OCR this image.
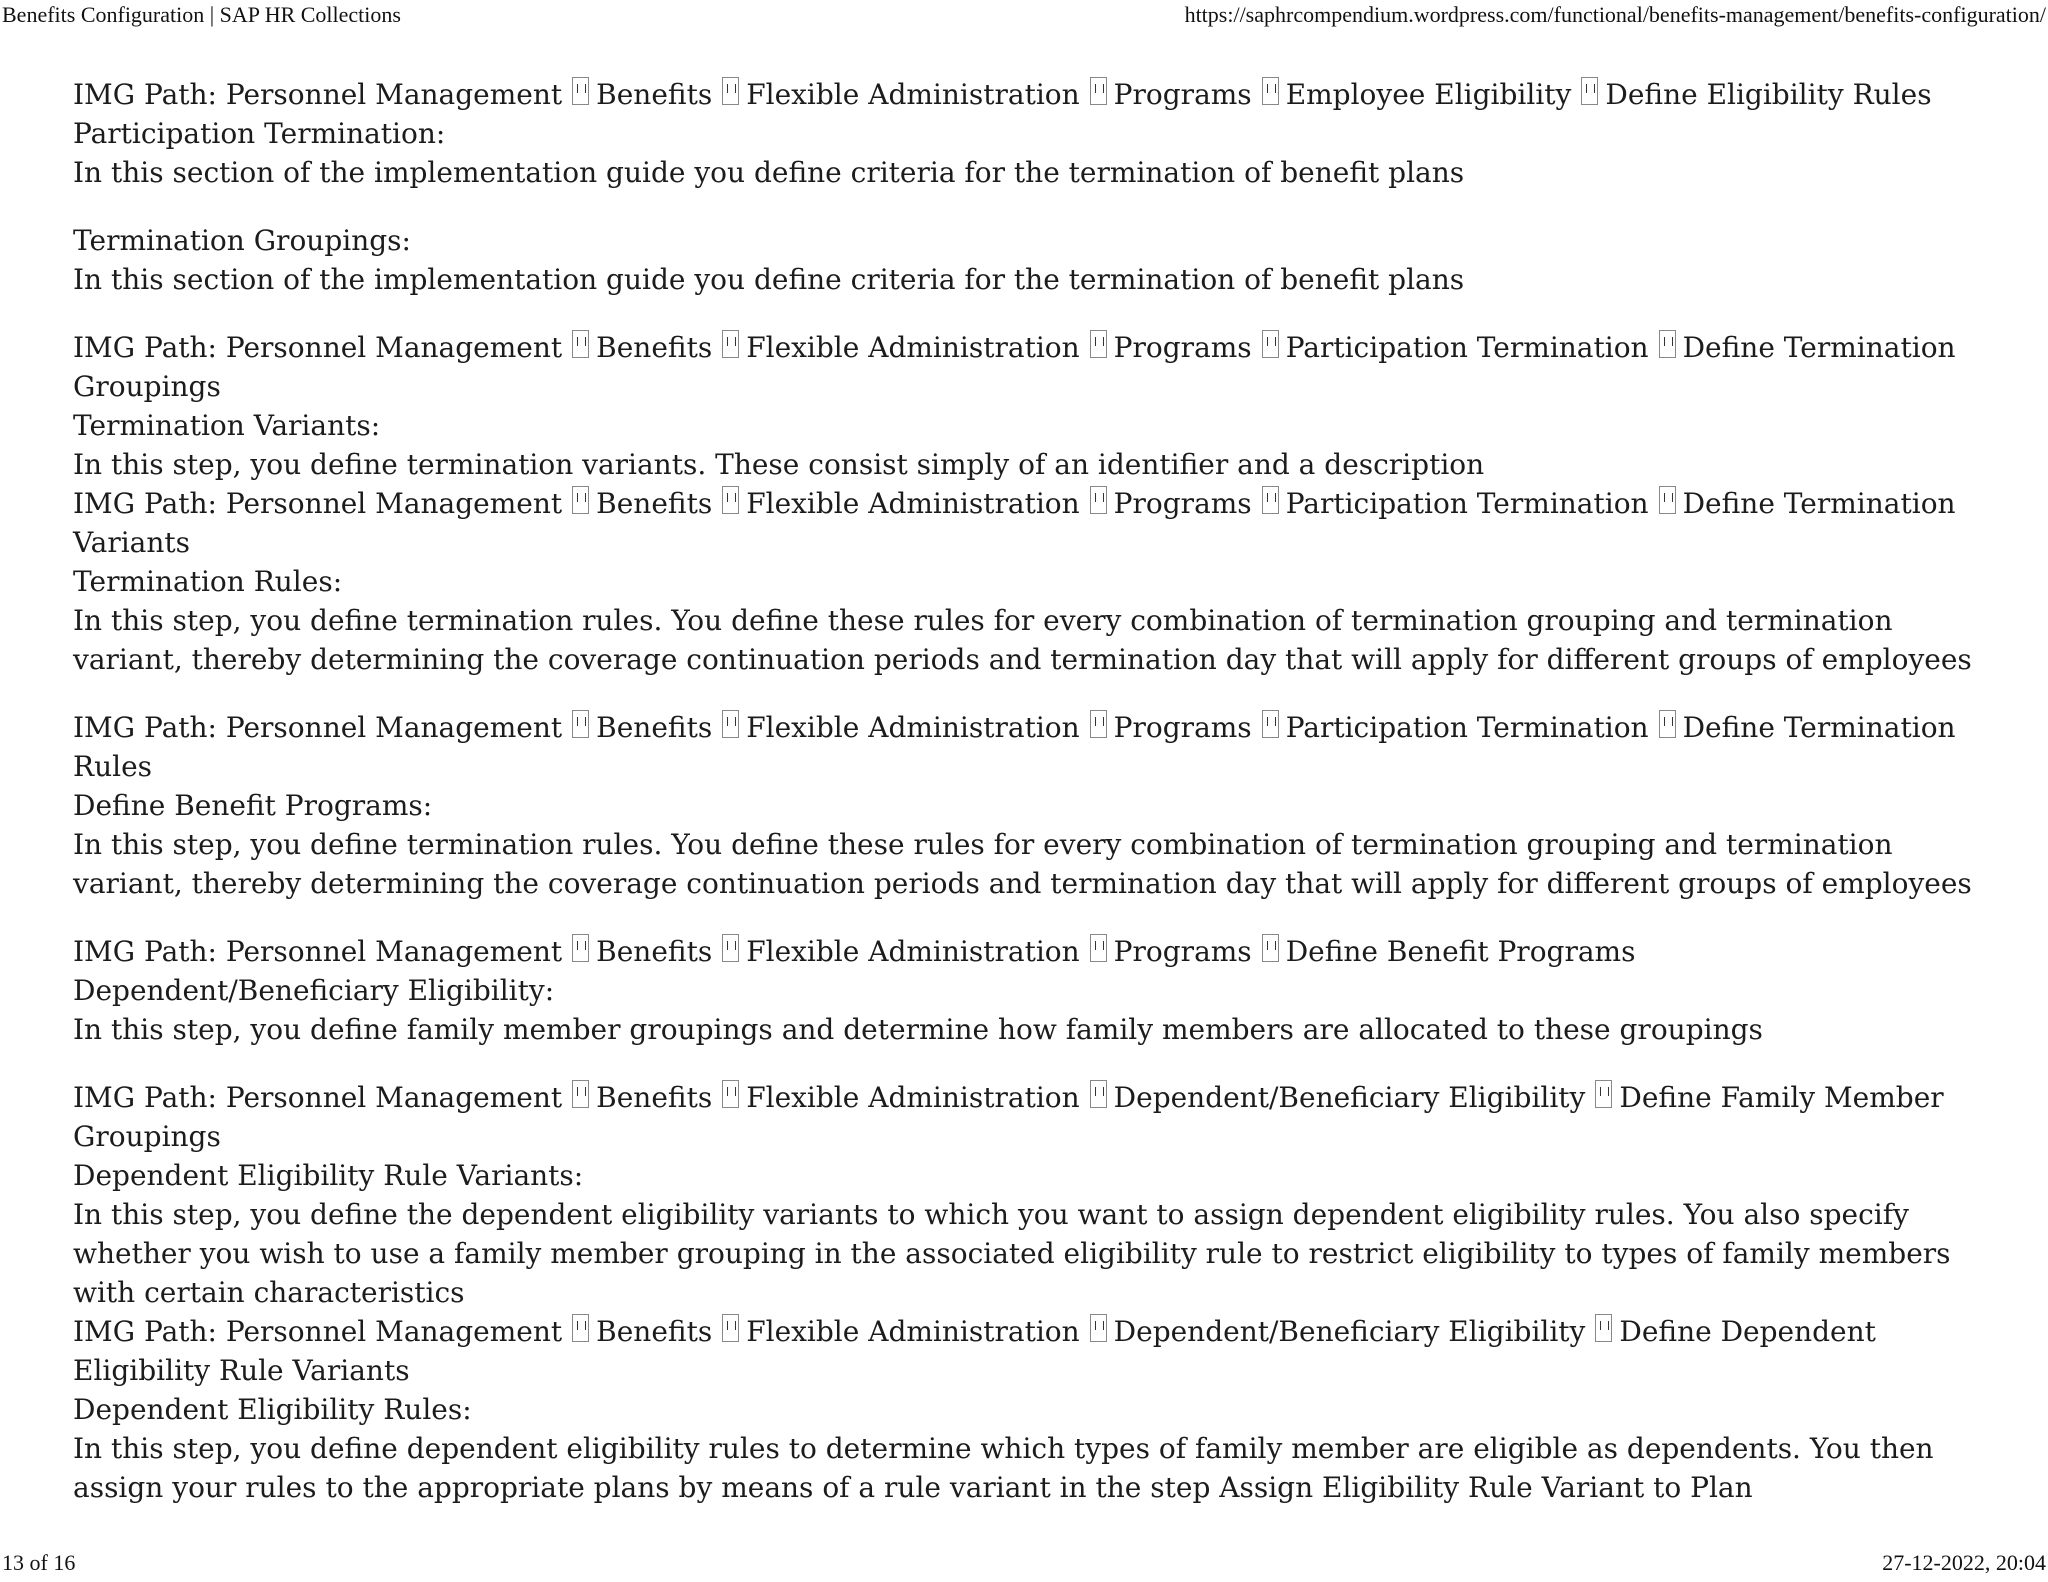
Benefits Configuration | SAP HR Collections	https://saphrcompendium.wordpress.com/functional/benefits-management/benefits-configuration/
IMG Path: Personnel Management Benefits Flexible Administration Programs Employee Eligibility Define Eligibility Rules
Participation Termination:
In this section of the implementation guide you define criteria for the termination of benefit plans
Termination Groupings:
In this section of the implementation guide you define criteria for the termination of benefit plans
IMG Path: Personnel Management Benefits Flexible Administration Programs Participation Termination Define Termination Groupings
Termination Variants:
In this step, you define termination variants. These consist simply of an identifier and a description
IMG Path: Personnel Management Benefits Flexible Administration Programs Participation Termination Define Termination Variants
Termination Rules:
In this step, you define termination rules. You define these rules for every combination of termination grouping and termination variant, thereby determining the coverage continuation periods and termination day that will apply for different groups of employees
IMG Path: Personnel Management Benefits Flexible Administration Programs Participation Termination Define Termination Rules
Define Benefit Programs:
In this step, you define termination rules. You define these rules for every combination of termination grouping and termination variant, thereby determining the coverage continuation periods and termination day that will apply for different groups of employees
IMG Path: Personnel Management Benefits Flexible Administration Programs Define Benefit Programs
Dependent/Beneficiary Eligibility:
In this step, you define family member groupings and determine how family members are allocated to these groupings
IMG Path: Personnel Management Benefits Flexible Administration Dependent/Beneficiary Eligibility Define Family Member Groupings
Dependent Eligibility Rule Variants:
In this step, you define the dependent eligibility variants to which you want to assign dependent eligibility rules. You also specify whether you wish to use a family member grouping in the associated eligibility rule to restrict eligibility to types of family members with certain characteristics
IMG Path: Personnel Management Benefits Flexible Administration Dependent/Beneficiary Eligibility Define Dependent Eligibility Rule Variants
Dependent Eligibility Rules:
In this step, you define dependent eligibility rules to determine which types of family member are eligible as dependents. You then assign your rules to the appropriate plans by means of a rule variant in the step Assign Eligibility Rule Variant to Plan
13 of 16	27-12-2022, 20:04
